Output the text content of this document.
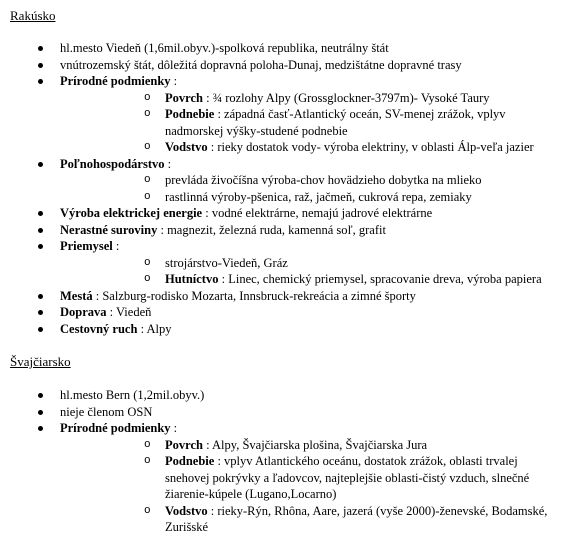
Rakúsko
hl.mesto Viedeň (1,6mil.obyv.)-spolková republika, neutrálny štát
vnútrozemský štát, dôležitá dopravná poloha-Dunaj, medzištátne dopravné trasy
Prírodné podmienky :
o Povrch : ¾ rozlohy Alpy (Grossglockner-3797m)- Vysoké Taury
o Podnebie : západná časť-Atlantický oceán, SV-menej zrážok, vplyv nadmorskej výšky-studené podnebie
o Vodstvo : rieky dostatok vody- výroba elektriny, v oblasti Álp-veľa jazier
Poľnohospodárstvo :
o prevláda živočíšna výroba-chov hovädzieho dobytka na mlieko
o rastlinná výroby-pšenica, raž, jačmeň, cukrová repa, zemiaky
Výroba elektrickej energie : vodné elektrárne, nemajú jadrové elektrárne
Nerastné suroviny : magnezit, železná ruda, kamenná soľ, grafit
Priemysel :
o strojárstvo-Viedeň, Gráz
o Hutníctvo : Linec, chemický priemysel, spracovanie dreva, výroba papiera
Mestá : Salzburg-rodisko Mozarta, Innsbruck-rekreácia a zimné športy
Doprava : Viedeň
Cestovný ruch : Alpy
Švajčiarsko
hl.mesto Bern (1,2mil.obyv.)
nieje členom OSN
Prírodné podmienky :
o Povrch : Alpy, Švajčiarska plošina, Švajčiarska Jura
o Podnebie : vplyv Atlantického oceánu, dostatok zrážok, oblasti trvalej snehovej pokrývky a ľadovcov, najteplejšie oblasti-čistý vzduch, slnečné žiarenie-kúpele (Lugano,Locarno)
o Vodstvo : rieky-Rýn, Rhôna, Aare, jazerá (vyše 2000)-ženevské, Bodamské, Zurišské
